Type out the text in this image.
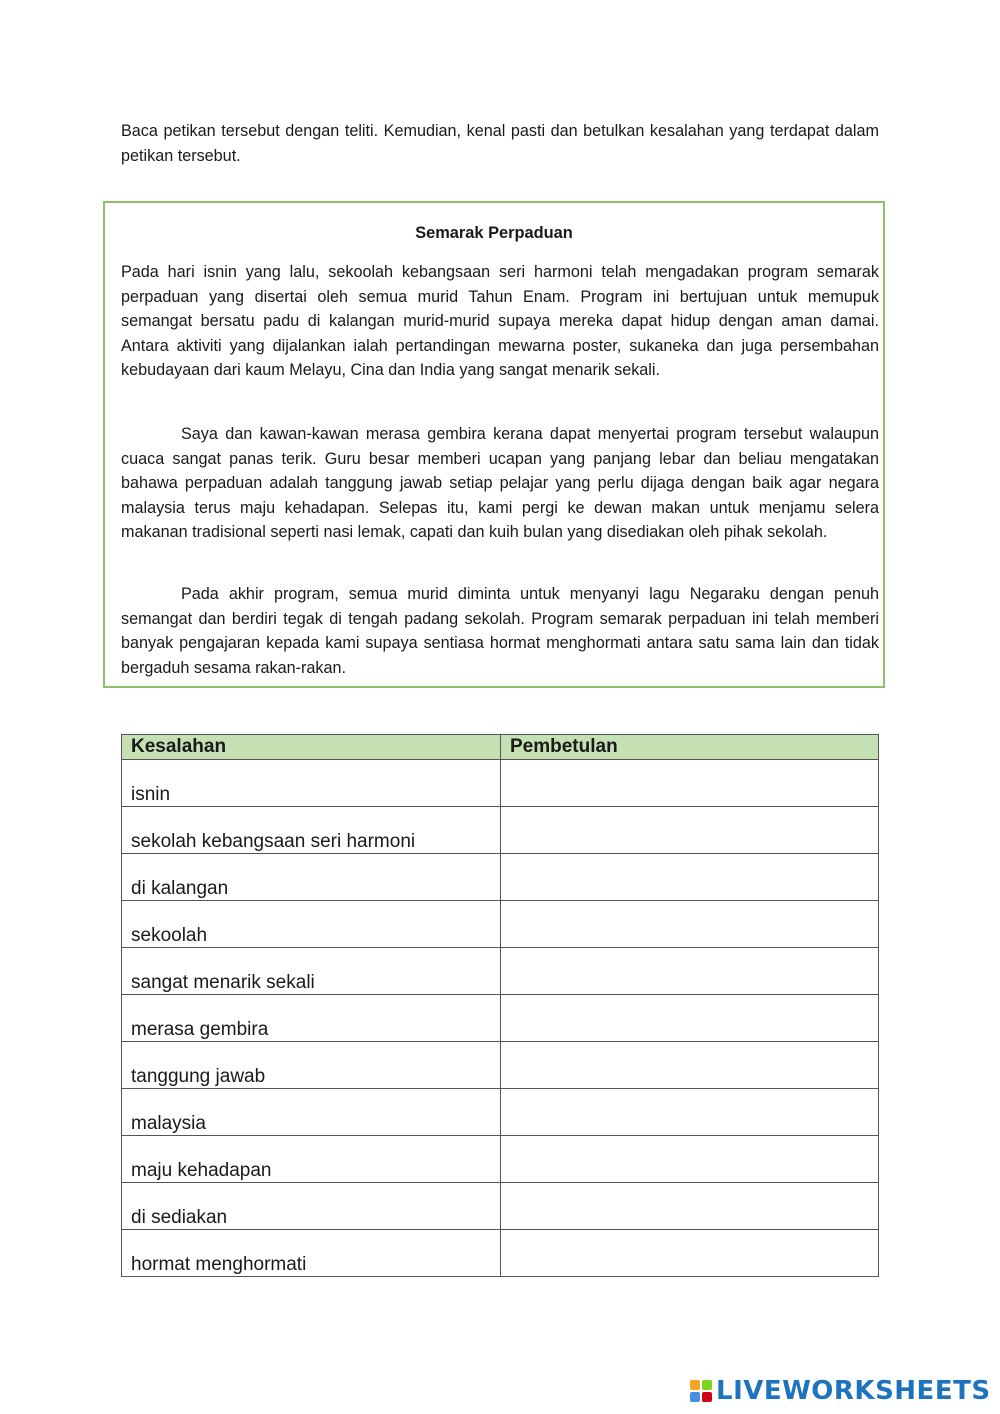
Baca petikan tersebut dengan teliti. Kemudian, kenal pasti dan betulkan kesalahan yang terdapat dalam petikan tersebut.

Semarak Perpaduan

Pada hari isnin yang lalu, sekoolah kebangsaan seri harmoni telah mengadakan program semarak perpaduan yang disertai oleh semua murid Tahun Enam. Program ini bertujuan untuk memupuk semangat bersatu padu di kalangan murid-murid supaya mereka dapat hidup dengan aman damai. Antara aktiviti yang dijalankan ialah pertandingan mewarna poster, sukaneka dan juga persembahan kebudayaan dari kaum Melayu, Cina dan India yang sangat menarik sekali.

Saya dan kawan-kawan merasa gembira kerana dapat menyertai program tersebut walaupun cuaca sangat panas terik. Guru besar memberi ucapan yang panjang lebar dan beliau mengatakan bahawa perpaduan adalah tanggung jawab setiap pelajar yang perlu dijaga dengan baik agar negara malaysia terus maju kehadapan. Selepas itu, kami pergi ke dewan makan untuk menjamu selera makanan tradisional seperti nasi lemak, capati dan kuih bulan yang disediakan oleh pihak sekolah.

Pada akhir program, semua murid diminta untuk menyanyi lagu Negaraku dengan penuh semangat dan berdiri tegak di tengah padang sekolah. Program semarak perpaduan ini telah memberi banyak pengajaran kepada kami supaya sentiasa hormat menghormati antara satu sama lain dan tidak bergaduh sesama rakan-rakan.

Kesalahan	Pembetulan
isnin	
sekolah kebangsaan seri harmoni	
di kalangan	
sekoolah	
sangat menarik sekali	
merasa gembira	
tanggung jawab	
malaysia	
maju kehadapan	
di sediakan	
hormat menghormati	
LIVEWORKSHEETS
